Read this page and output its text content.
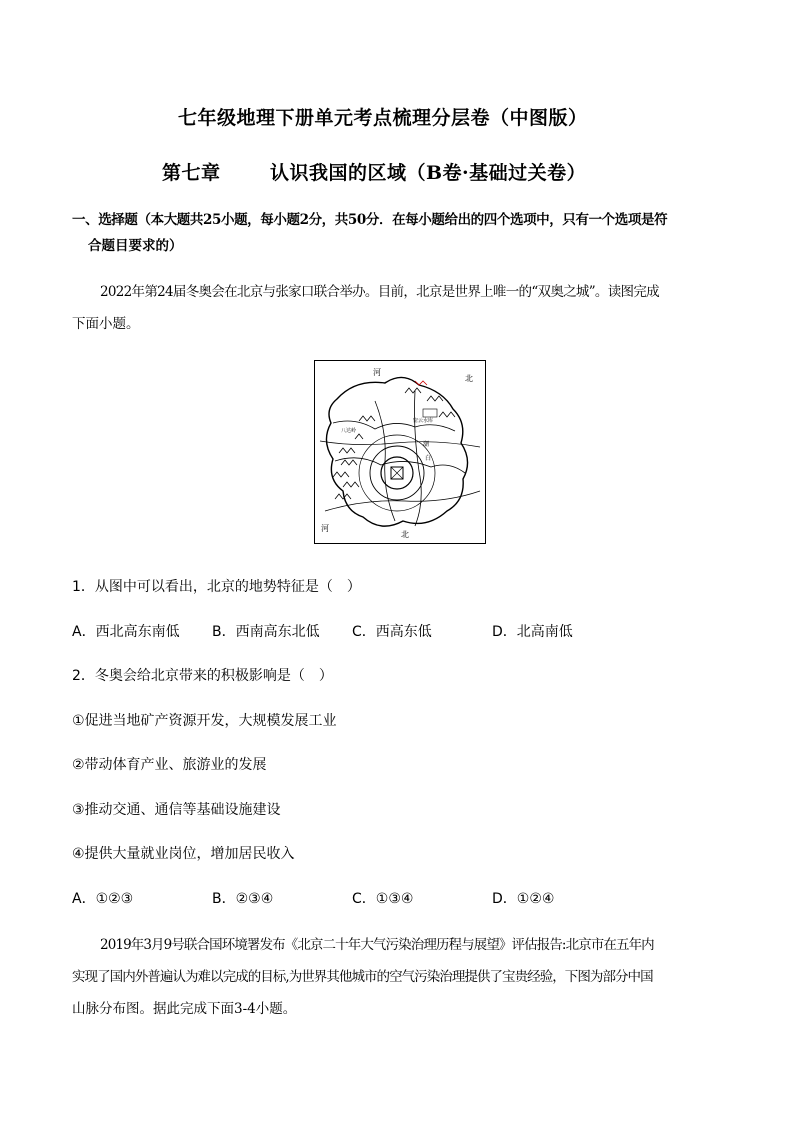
七年级地理下册单元考点梳理分层卷（中图版）
第七章	认识我国的区域（B卷·基础过关卷）
一、选择题（本大题共25小题，每小题2分，共50分．在每小题给出的四个选项中，只有一个选项是符
合题目要求的）
2022年第24届冬奥会在北京与张家口联合举办。目前，北京是世界上唯一的“双奥之城”。读图完成
下面小题。
河
北
河
北
密云水库
八达岭
潮
白
1．从图中可以看出，北京的地势特征是（　）
A．西北高东南低 B．西南高东北低 C．西高东低	D．北高南低
2．冬奥会给北京带来的积极影响是（　）
①促进当地矿产资源开发，大规模发展工业
②带动体育产业、旅游业的发展
③推动交通、通信等基础设施建设
④提供大量就业岗位，增加居民收入
A．①②③	B．②③④	C．①③④	D．①②④
2019年3月9号联合国环境署发布《北京二十年大气污染治理历程与展望》评估报告:北京市在五年内
实现了国内外普遍认为难以完成的目标,为世界其他城市的空气污染治理提供了宝贵经验，下图为部分中国
山脉分布图。据此完成下面3-4小题。
